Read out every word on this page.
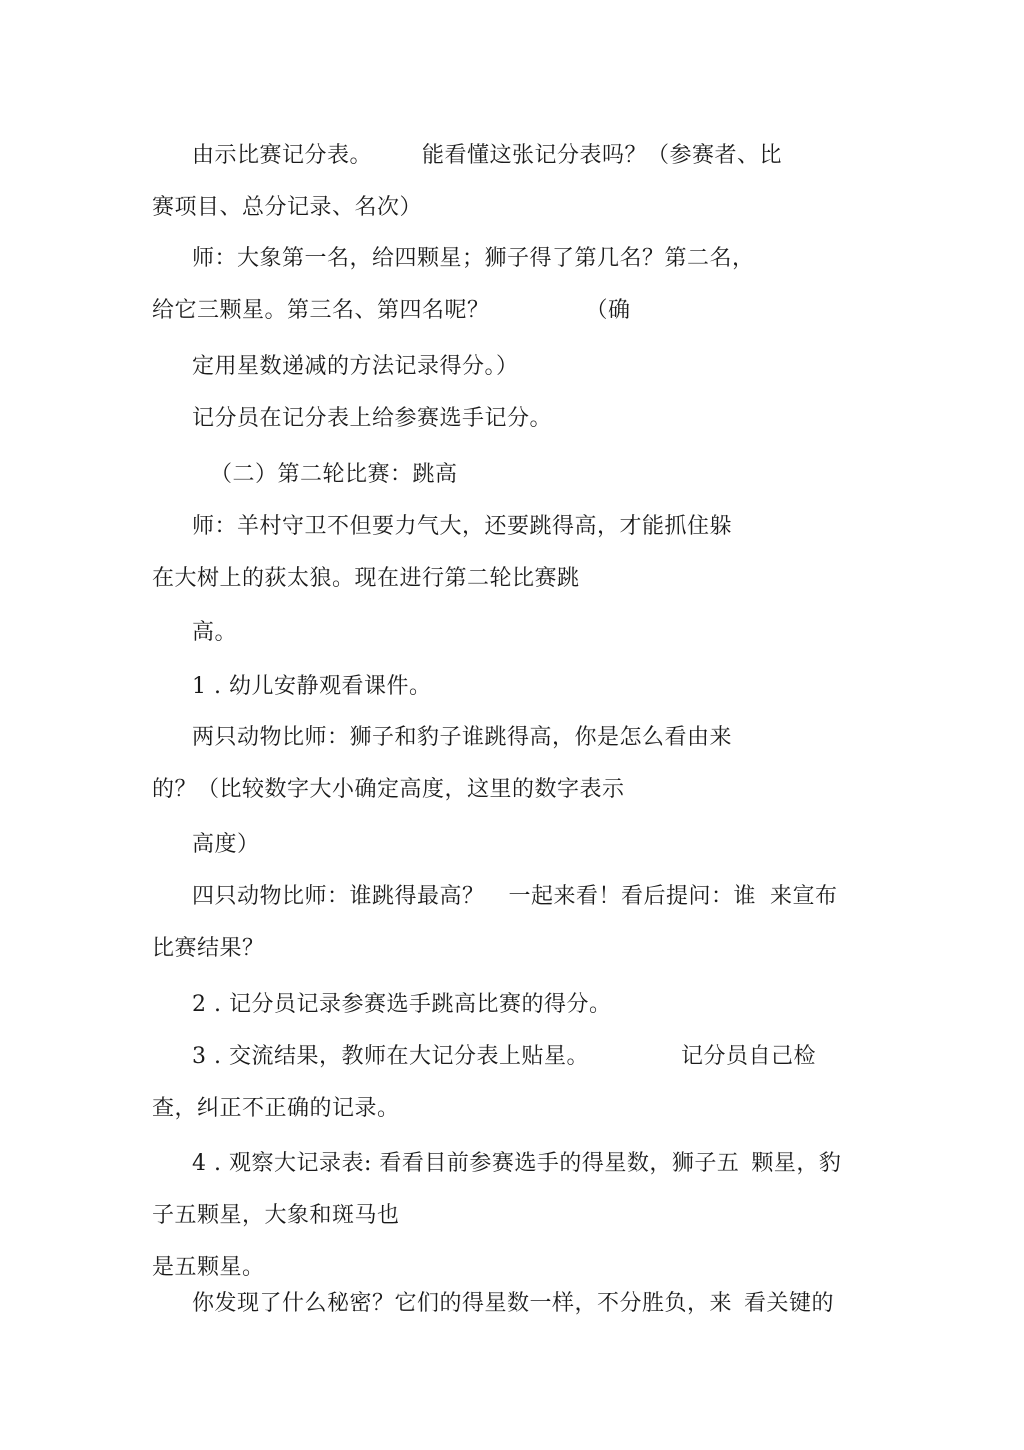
由示比赛记分表。 能看懂这张记分表吗？（参赛者、比
赛项目、总分记录、名次）
师：大象第一名，给四颗星；狮子得了第几名？第二名，
给它三颗星。第三名、第四名呢？	（确
定用星数递减的方法记录得分。）
记分员在记分表上给参赛选手记分。
（二）第二轮比赛：跳高
师：羊村守卫不但要力气大，还要跳得高，才能抓住躲
在大树上的荻太狼。现在进行第二轮比赛跳
高。
1 . 幼儿安静观看课件。
两只动物比师：狮子和豹子谁跳得高，你是怎么看由来
的？（比较数字大小确定高度，这里的数字表示
高度）
四只动物比师：谁跳得最高？ 一起来看！看后提问：谁 来宣布
比赛结果？
2 . 记分员记录参赛选手跳高比赛的得分。
3 . 交流结果，教师在大记分表上贴星。	记分员自己检
查，纠正不正确的记录。
4 . 观察大记录表: 看看目前参赛选手的得星数，狮子五 颗星，豹
子五颗星，大象和斑马也
是五颗星。
你发现了什么秘密？它们的得星数一样，不分胜负，来 看关键的
